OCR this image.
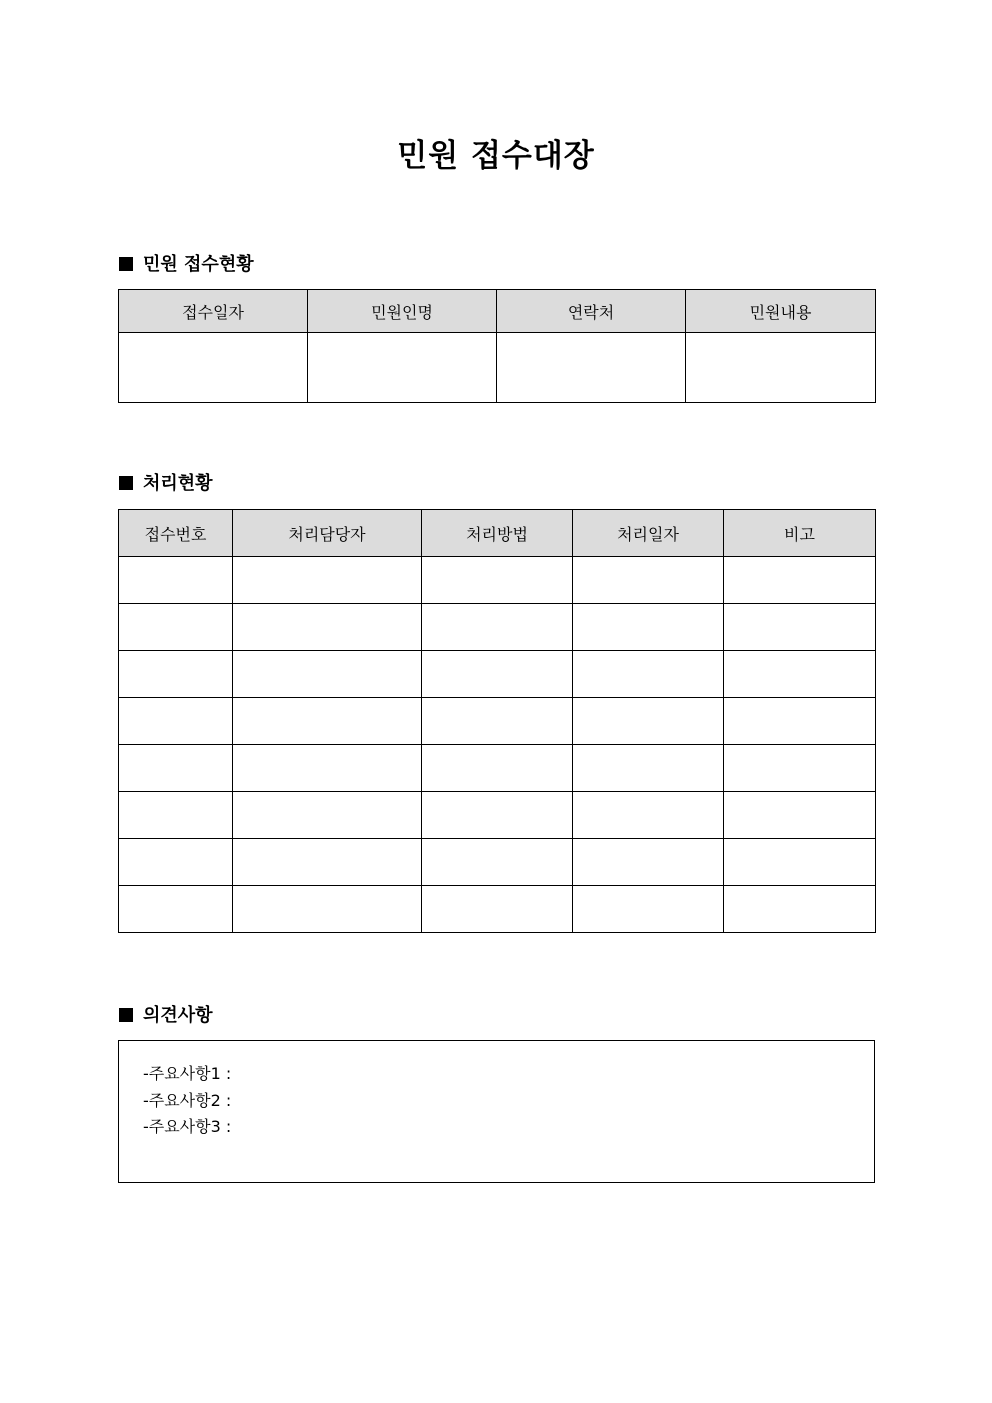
민원 접수대장
민원 접수현황
접수일자	민원인명	연락처	민원내용

처리현황
접수번호	처리담당자	처리방법	처리일자	비고

의견사항
-주요사항1 :
-주요사항2 :
-주요사항3 :
